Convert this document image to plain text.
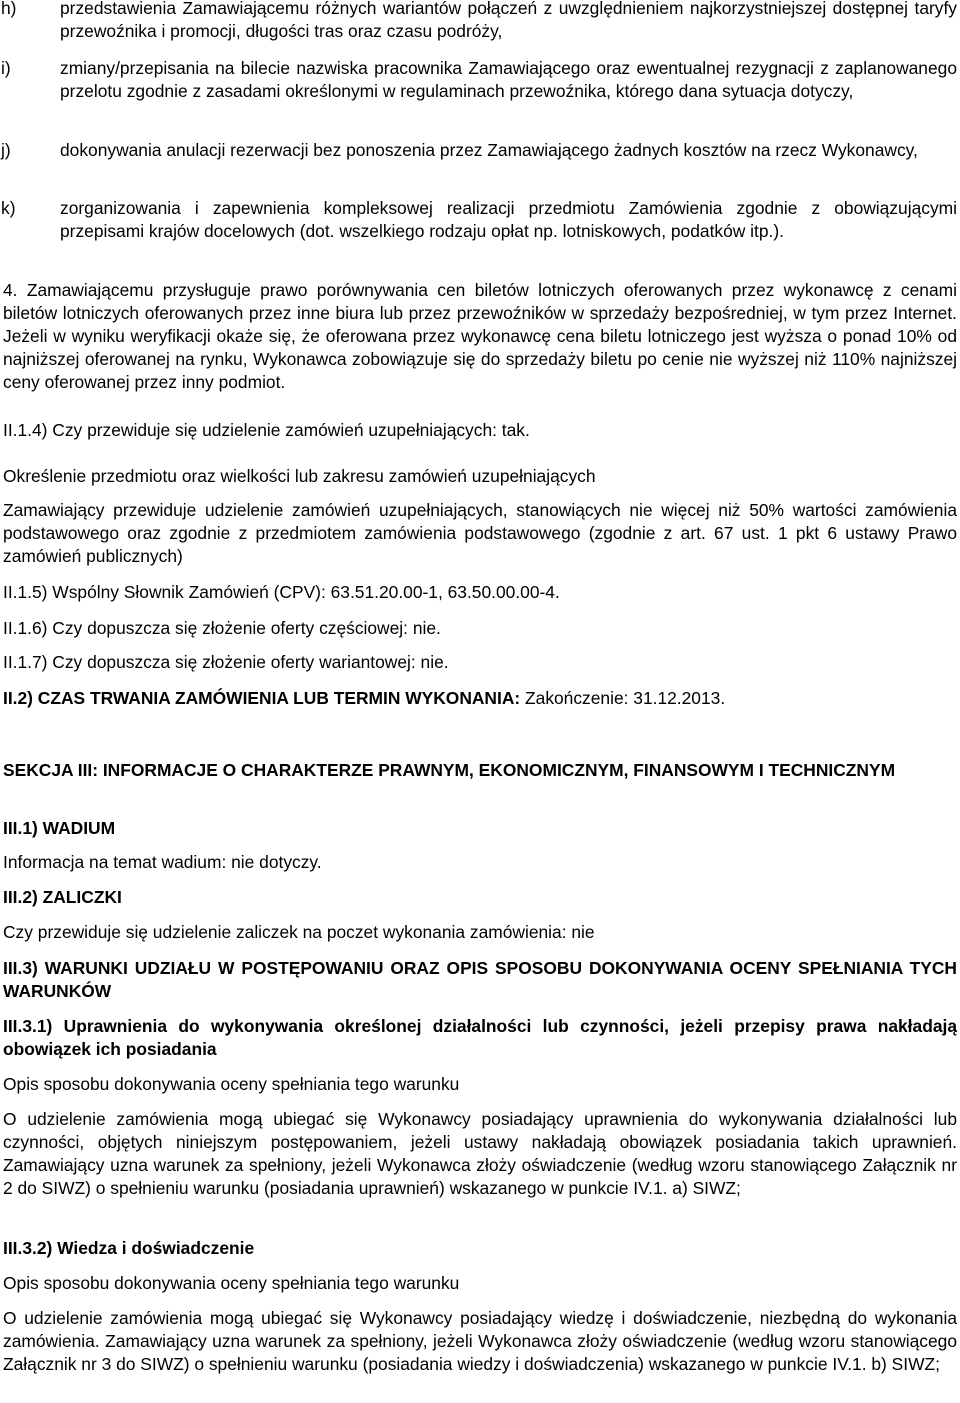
h)	przedstawienia Zamawiającemu różnych wariantów połączeń z uwzględnieniem najkorzystniejszej dostępnej taryfy przewoźnika i promocji, długości tras oraz czasu podróży,

i)	zmiany/przepisania na bilecie nazwiska pracownika Zamawiającego oraz ewentualnej rezygnacji z zaplanowanego przelotu zgodnie z zasadami określonymi w regulaminach przewoźnika, którego dana sytuacja dotyczy,

j)	dokonywania anulacji rezerwacji bez ponoszenia przez Zamawiającego żadnych kosztów na rzecz Wykonawcy,

k)	zorganizowania i zapewnienia kompleksowej realizacji przedmiotu Zamówienia zgodnie z obowiązującymi przepisami krajów docelowych (dot. wszelkiego rodzaju opłat np. lotniskowych, podatków itp.).

4. Zamawiającemu przysługuje prawo porównywania cen biletów lotniczych oferowanych przez wykonawcę z cenami biletów lotniczych oferowanych przez inne biura lub przez przewoźników w sprzedaży bezpośredniej, w tym przez Internet. Jeżeli w wyniku weryfikacji okaże się, że oferowana przez wykonawcę cena biletu lotniczego jest wyższa o ponad 10% od najniższej oferowanej na rynku, Wykonawca zobowiązuje się do sprzedaży biletu po cenie nie wyższej niż 110% najniższej ceny oferowanej przez inny podmiot.

II.1.4) Czy przewiduje się udzielenie zamówień uzupełniających: tak.

Określenie przedmiotu oraz wielkości lub zakresu zamówień uzupełniających

Zamawiający przewiduje udzielenie zamówień uzupełniających, stanowiących nie więcej niż 50% wartości zamówienia podstawowego oraz zgodnie z przedmiotem zamówienia podstawowego (zgodnie z art. 67 ust. 1 pkt 6 ustawy Prawo zamówień publicznych)

II.1.5) Wspólny Słownik Zamówień (CPV): 63.51.20.00-1, 63.50.00.00-4.

II.1.6) Czy dopuszcza się złożenie oferty częściowej: nie.

II.1.7) Czy dopuszcza się złożenie oferty wariantowej: nie.

II.2) CZAS TRWANIA ZAMÓWIENIA LUB TERMIN WYKONANIA: Zakończenie: 31.12.2013.

SEKCJA III: INFORMACJE O CHARAKTERZE PRAWNYM, EKONOMICZNYM, FINANSOWYM I TECHNICZNYM

III.1) WADIUM

Informacja na temat wadium: nie dotyczy.

III.2) ZALICZKI

Czy przewiduje się udzielenie zaliczek na poczet wykonania zamówienia: nie

III.3) WARUNKI UDZIAŁU W POSTĘPOWANIU ORAZ OPIS SPOSOBU DOKONYWANIA OCENY SPEŁNIANIA TYCH WARUNKÓW

III.3.1) Uprawnienia do wykonywania określonej działalności lub czynności, jeżeli przepisy prawa nakładają obowiązek ich posiadania

Opis sposobu dokonywania oceny spełniania tego warunku

O udzielenie zamówienia mogą ubiegać się Wykonawcy posiadający uprawnienia do wykonywania działalności lub czynności, objętych niniejszym postępowaniem, jeżeli ustawy nakładają obowiązek posiadania takich uprawnień. Zamawiający uzna warunek za spełniony, jeżeli Wykonawca złoży oświadczenie (według wzoru stanowiącego Załącznik nr 2 do SIWZ) o spełnieniu warunku (posiadania uprawnień) wskazanego w punkcie IV.1. a) SIWZ;

III.3.2) Wiedza i doświadczenie

Opis sposobu dokonywania oceny spełniania tego warunku

O udzielenie zamówienia mogą ubiegać się Wykonawcy posiadający wiedzę i doświadczenie, niezbędną do wykonania zamówienia. Zamawiający uzna warunek za spełniony, jeżeli Wykonawca złoży oświadczenie (według wzoru stanowiącego Załącznik nr 3 do SIWZ) o spełnieniu warunku (posiadania wiedzy i doświadczenia) wskazanego w punkcie IV.1. b) SIWZ;
